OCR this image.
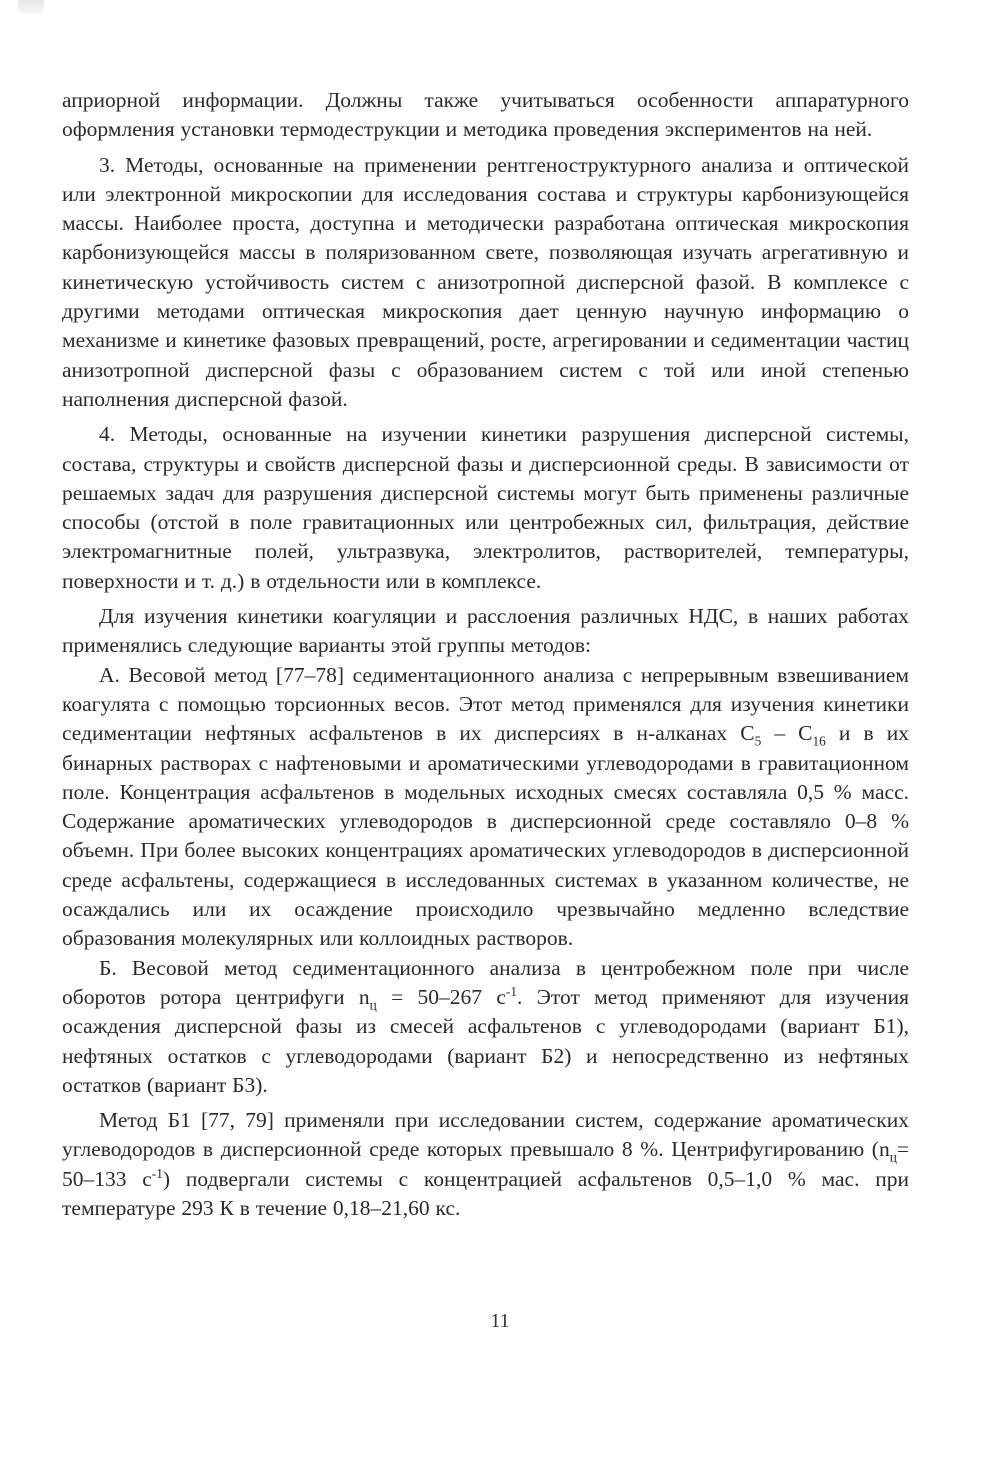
априорной информации. Должны также учитываться особенности аппаратурного оформления установки термодеструкции и методика проведения экспериментов на ней.

3. Методы, основанные на применении рентгеноструктурного анализа и оптической или электронной микроскопии для исследования состава и структуры карбонизующейся массы. Наиболее проста, доступна и методически разработана оптическая микроскопия карбонизующейся массы в поляризованном свете, позволяющая изучать агрегативную и кинетическую устойчивость систем с анизотропной дисперсной фазой. В комплексе с другими методами оптическая микроскопия дает ценную научную информацию о механизме и кинетике фазовых превращений, росте, агрегировании и седиментации частиц анизотропной дисперсной фазы с образованием систем с той или иной степенью наполнения дисперсной фазой.

4. Методы, основанные на изучении кинетики разрушения дисперсной системы, состава, структуры и свойств дисперсной фазы и дисперсионной среды. В зависимости от решаемых задач для разрушения дисперсной системы могут быть применены различные способы (отстой в поле гравитационных или центробежных сил, фильтрация, действие электромагнитные полей, ультразвука, электролитов, растворителей, температуры, поверхности и т. д.) в отдельности или в комплексе.

Для изучения кинетики коагуляции и расслоения различных НДС, в наших работах применялись следующие варианты этой группы методов:

А. Весовой метод [77–78] седиментационного анализа с непрерывным взвешиванием коагулята с помощью торсионных весов. Этот метод применялся для изучения кинетики седиментации нефтяных асфальтенов в их дисперсиях в н-алканах $С_5 - С_{16}$ и в их бинарных растворах с нафтеновыми и ароматическими углеводородами в гравитационном поле. Концентрация асфальтенов в модельных исходных смесях составляла 0,5 % масс. Содержание ароматических углеводородов в дисперсионной среде составляло 0–8 % объемн. При более высоких концентрациях ароматических углеводородов в дисперсионной среде асфальтены, содержащиеся в исследованных системах в указанном количестве, не осаждались или их осаждение происходило чрезвычайно медленно вследствие образования молекулярных или коллоидных растворов.

Б. Весовой метод седиментационного анализа в центробежном поле при числе оборотов ротора центрифуги $n_ц = 50-267$ $с^{-1}$. Этот метод применяют для изучения осаждения дисперсной фазы из смесей асфальтенов с углеводородами (вариант Б1), нефтяных остатков с углеводородами (вариант Б2) и непосредственно из нефтяных остатков (вариант Б3).

Метод Б1 [77, 79] применяли при исследовании систем, содержание ароматических углеводородов в дисперсионной среде которых превышало 8 %. Центрифугированию ($n_ц= 50-133$ $с^{-1}$) подвергали системы с концентрацией асфальтенов 0,5–1,0 % мас. при температуре 293 К в течение 0,18–21,60 кс.

11
